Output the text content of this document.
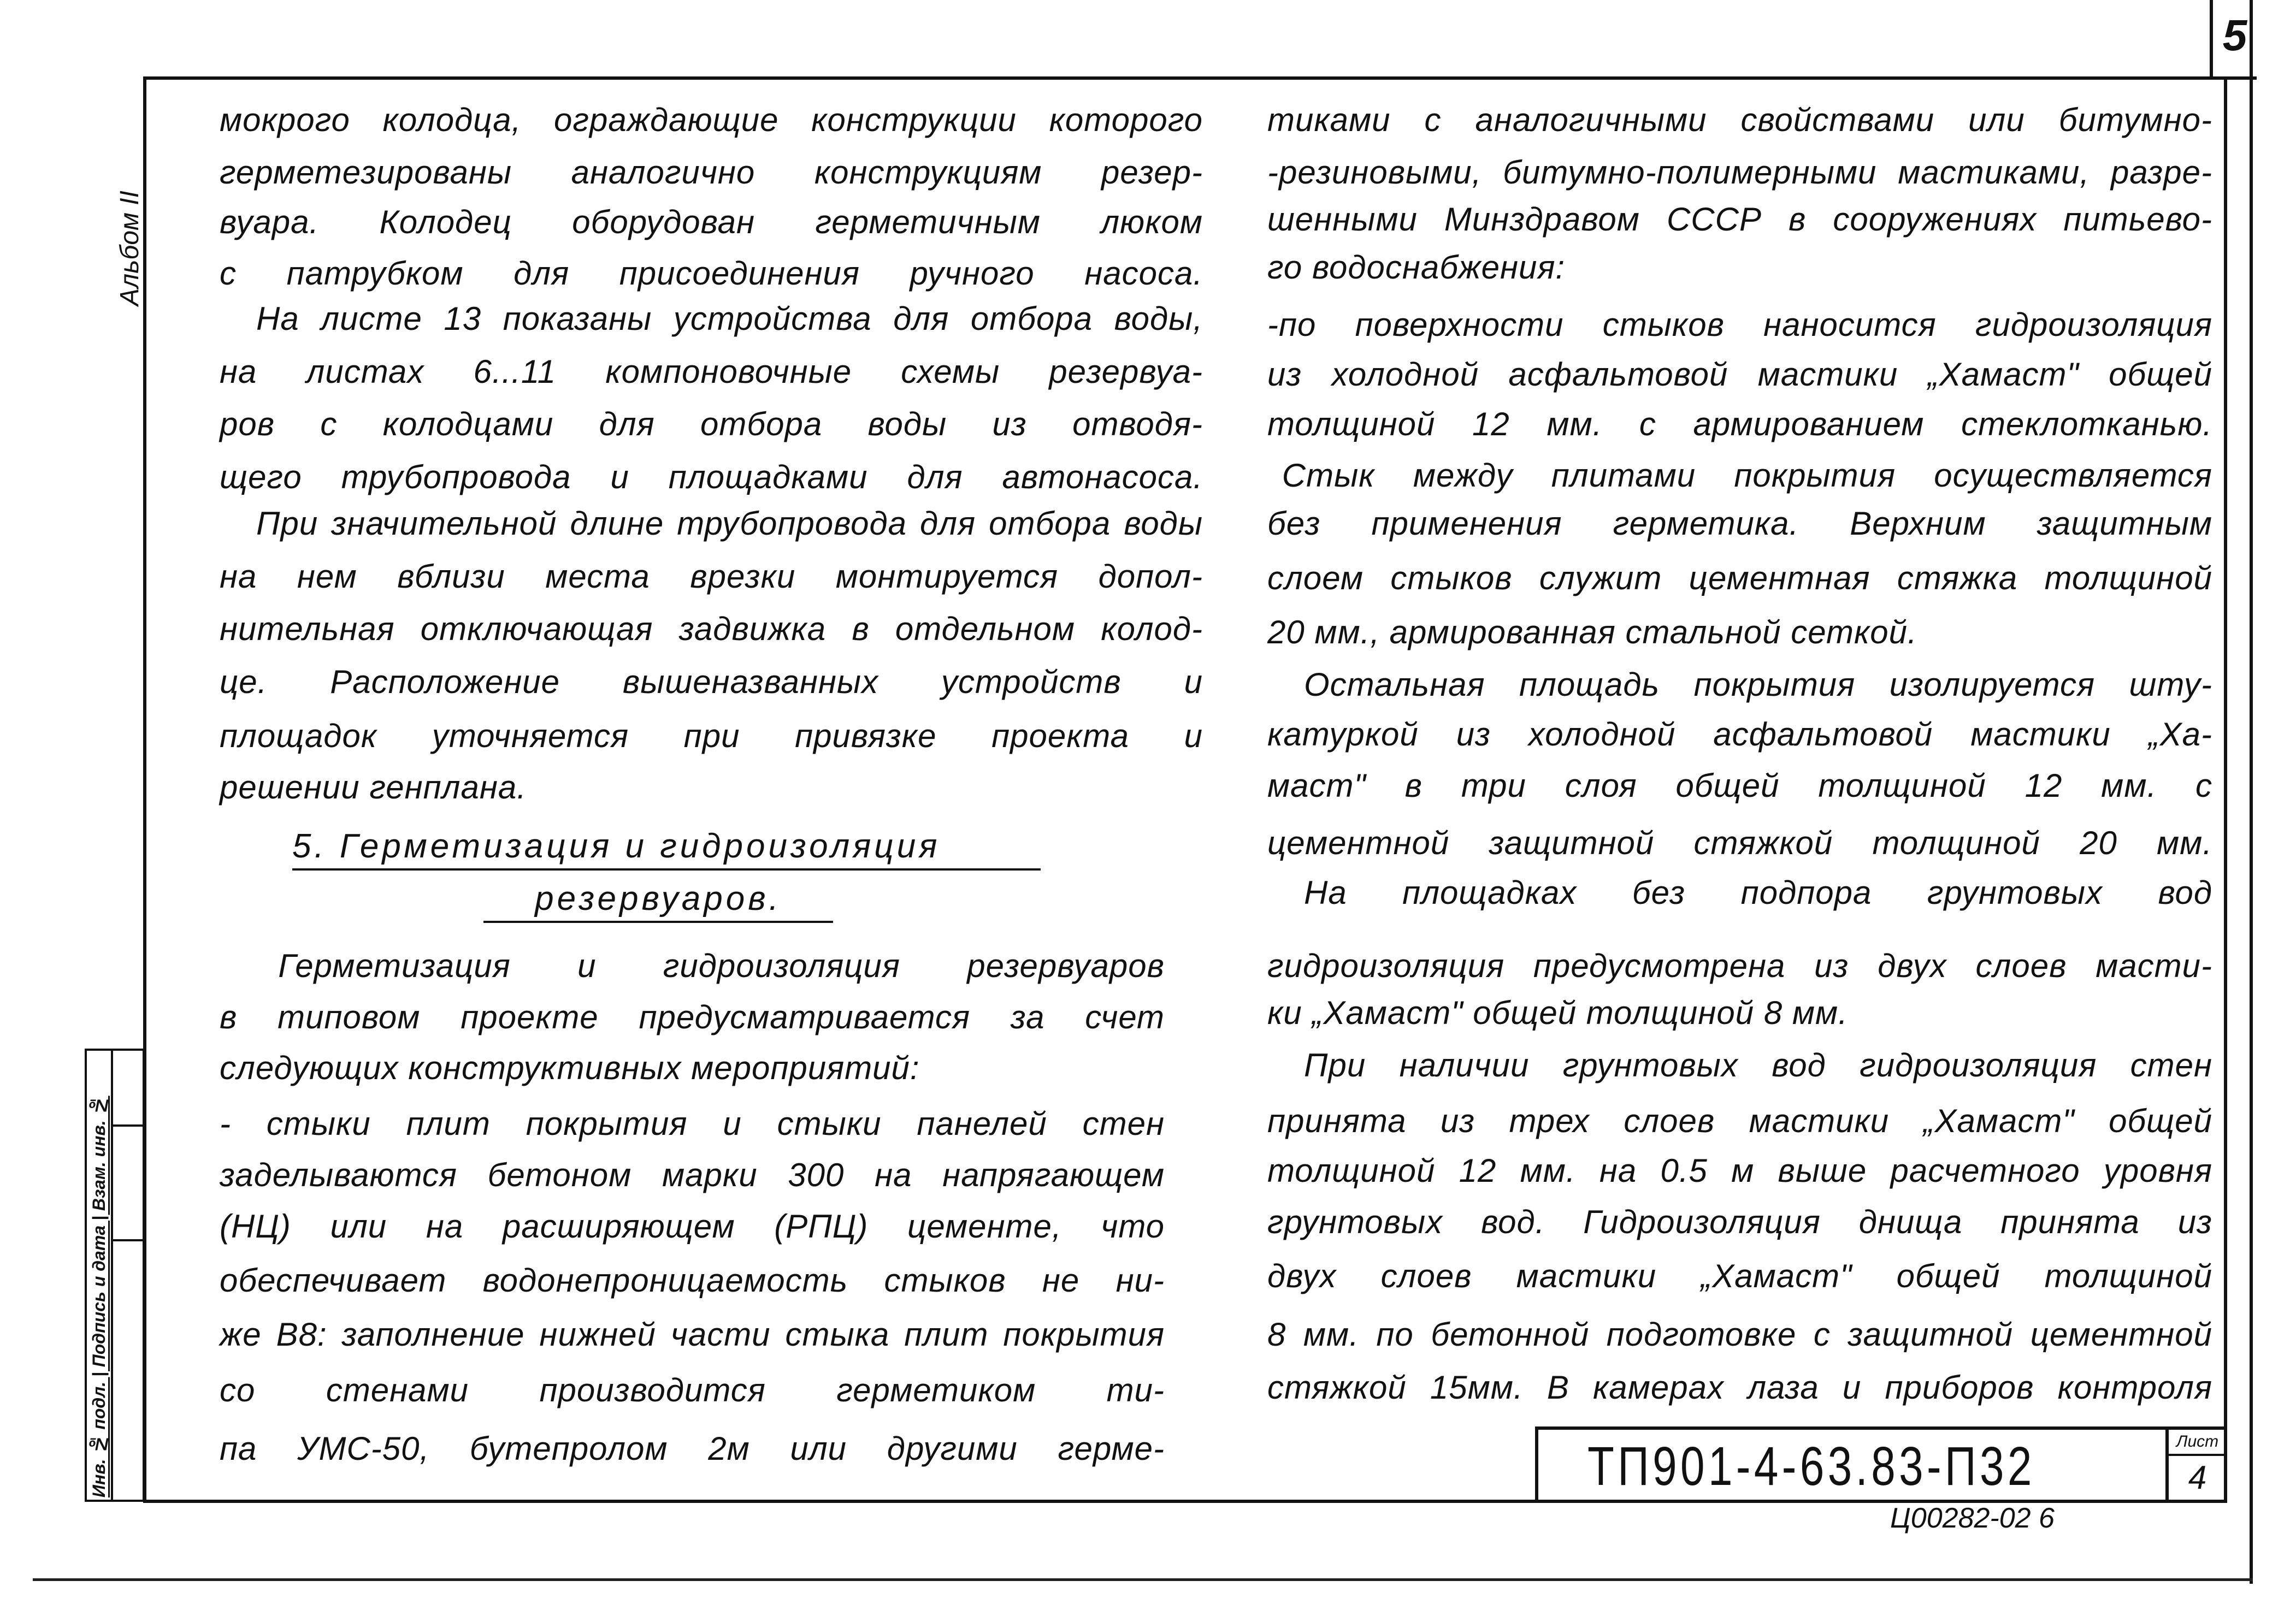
5
Альбом II
Инв. № подл. | Подпись и дата | Взам. инв. №
мокрого колодца, ограждающие конструкции которого
герметезированы аналогично конструкциям резер-
вуара. Колодец оборудован герметичным люком
с патрубком для присоединения ручного насоса.
На листе 13 показаны устройства для отбора воды,
на листах 6...11 компоновочные схемы резервуа-
ров с колодцами для отбора воды из отводя-
щего трубопровода и площадками для автонасоса.
При значительной длине трубопровода для отбора воды
на нем вблизи места врезки монтируется допол-
нительная отключающая задвижка в отдельном колод-
це. Расположение вышеназванных устройств и
площадок уточняется при привязке проекта и
решении генплана.
Герметизация и гидроизоляция резервуаров
в типовом проекте предусматривается за счет
следующих конструктивных мероприятий:
- стыки плит покрытия и стыки панелей стен
заделываются бетоном марки 300 на напрягающем
(НЦ) или на расширяющем (РПЦ) цементе, что
обеспечивает водонепроницаемость стыков не ни-
же В8: заполнение нижней части стыка плит покрытия
со стенами производится герметиком ти-
па УМС-50, бутепролом 2м или другими герме-
5. Герметизация и гидроизоляция
резервуаров.
тиками с аналогичными свойствами или битумно-
-резиновыми, битумно-полимерными мастиками, разре-
шенными Минздравом СССР в сооружениях питьево-
го водоснабжения:
-по поверхности стыков наносится гидроизоляция
из холодной асфальтовой мастики „Хамаст" общей
толщиной 12 мм. с армированием стеклотканью.
Стык между плитами покрытия осуществляется
без применения герметика. Верхним защитным
слоем стыков служит цементная стяжка толщиной
20 мм., армированная стальной сеткой.
Остальная площадь покрытия изолируется шту-
катуркой из холодной асфальтовой мастики „Ха-
маст" в три слоя общей толщиной 12 мм. с
цементной защитной стяжкой толщиной 20 мм.
На площадках без подпора грунтовых вод
гидроизоляция предусмотрена из двух слоев масти-
ки „Хамаст" общей толщиной 8 мм.
При наличии грунтовых вод гидроизоляция стен
принята из трех слоев мастики „Хамаст" общей
толщиной 12 мм. на 0.5 м выше расчетного уровня
грунтовых вод. Гидроизоляция днища принята из
двух слоев мастики „Хамаст" общей толщиной
8 мм. по бетонной подготовке с защитной цементной
стяжкой 15мм. В камерах лаза и приборов контроля
ТП901-4-63.83-П32	Лист
4
Ц00282-02 6
